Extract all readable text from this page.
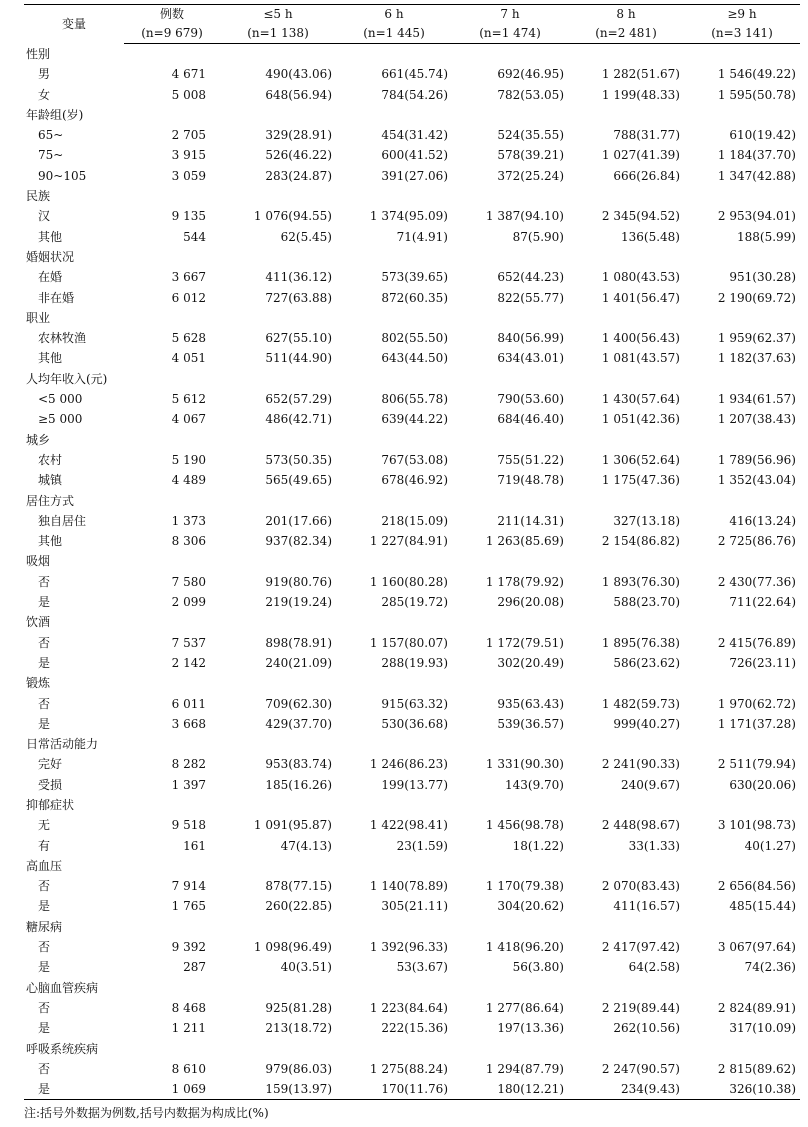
变量	例数	≤5 h	6 h	7 h	8 h	≥9 h
	(n=9 679)	(n=1 138)	(n=1 445)	(n=1 474)	(n=2 481)	(n=3 141)
性别						
男	4 671	490(43.06)	661(45.74)	692(46.95)	1 282(51.67)	1 546(49.22)
女	5 008	648(56.94)	784(54.26)	782(53.05)	1 199(48.33)	1 595(50.78)
年龄组(岁)						
65~	2 705	329(28.91)	454(31.42)	524(35.55)	788(31.77)	610(19.42)
75~	3 915	526(46.22)	600(41.52)	578(39.21)	1 027(41.39)	1 184(37.70)
90~105	3 059	283(24.87)	391(27.06)	372(25.24)	666(26.84)	1 347(42.88)
民族						
汉	9 135	1 076(94.55)	1 374(95.09)	1 387(94.10)	2 345(94.52)	2 953(94.01)
其他	544	62(5.45)	71(4.91)	87(5.90)	136(5.48)	188(5.99)
婚姻状况						
在婚	3 667	411(36.12)	573(39.65)	652(44.23)	1 080(43.53)	951(30.28)
非在婚	6 012	727(63.88)	872(60.35)	822(55.77)	1 401(56.47)	2 190(69.72)
职业						
农林牧渔	5 628	627(55.10)	802(55.50)	840(56.99)	1 400(56.43)	1 959(62.37)
其他	4 051	511(44.90)	643(44.50)	634(43.01)	1 081(43.57)	1 182(37.63)
人均年收入(元)						
<5 000	5 612	652(57.29)	806(55.78)	790(53.60)	1 430(57.64)	1 934(61.57)
≥5 000	4 067	486(42.71)	639(44.22)	684(46.40)	1 051(42.36)	1 207(38.43)
城乡						
农村	5 190	573(50.35)	767(53.08)	755(51.22)	1 306(52.64)	1 789(56.96)
城镇	4 489	565(49.65)	678(46.92)	719(48.78)	1 175(47.36)	1 352(43.04)
居住方式						
独自居住	1 373	201(17.66)	218(15.09)	211(14.31)	327(13.18)	416(13.24)
其他	8 306	937(82.34)	1 227(84.91)	1 263(85.69)	2 154(86.82)	2 725(86.76)
吸烟						
否	7 580	919(80.76)	1 160(80.28)	1 178(79.92)	1 893(76.30)	2 430(77.36)
是	2 099	219(19.24)	285(19.72)	296(20.08)	588(23.70)	711(22.64)
饮酒						
否	7 537	898(78.91)	1 157(80.07)	1 172(79.51)	1 895(76.38)	2 415(76.89)
是	2 142	240(21.09)	288(19.93)	302(20.49)	586(23.62)	726(23.11)
锻炼						
否	6 011	709(62.30)	915(63.32)	935(63.43)	1 482(59.73)	1 970(62.72)
是	3 668	429(37.70)	530(36.68)	539(36.57)	999(40.27)	1 171(37.28)
日常活动能力						
完好	8 282	953(83.74)	1 246(86.23)	1 331(90.30)	2 241(90.33)	2 511(79.94)
受损	1 397	185(16.26)	199(13.77)	143(9.70)	240(9.67)	630(20.06)
抑郁症状						
无	9 518	1 091(95.87)	1 422(98.41)	1 456(98.78)	2 448(98.67)	3 101(98.73)
有	161	47(4.13)	23(1.59)	18(1.22)	33(1.33)	40(1.27)
高血压						
否	7 914	878(77.15)	1 140(78.89)	1 170(79.38)	2 070(83.43)	2 656(84.56)
是	1 765	260(22.85)	305(21.11)	304(20.62)	411(16.57)	485(15.44)
糖尿病						
否	9 392	1 098(96.49)	1 392(96.33)	1 418(96.20)	2 417(97.42)	3 067(97.64)
是	287	40(3.51)	53(3.67)	56(3.80)	64(2.58)	74(2.36)
心脑血管疾病						
否	8 468	925(81.28)	1 223(84.64)	1 277(86.64)	2 219(89.44)	2 824(89.91)
是	1 211	213(18.72)	222(15.36)	197(13.36)	262(10.56)	317(10.09)
呼吸系统疾病						
否	8 610	979(86.03)	1 275(88.24)	1 294(87.79)	2 247(90.57)	2 815(89.62)
是	1 069	159(13.97)	170(11.76)	180(12.21)	234(9.43)	326(10.38)
注:括号外数据为例数,括号内数据为构成比(%)
